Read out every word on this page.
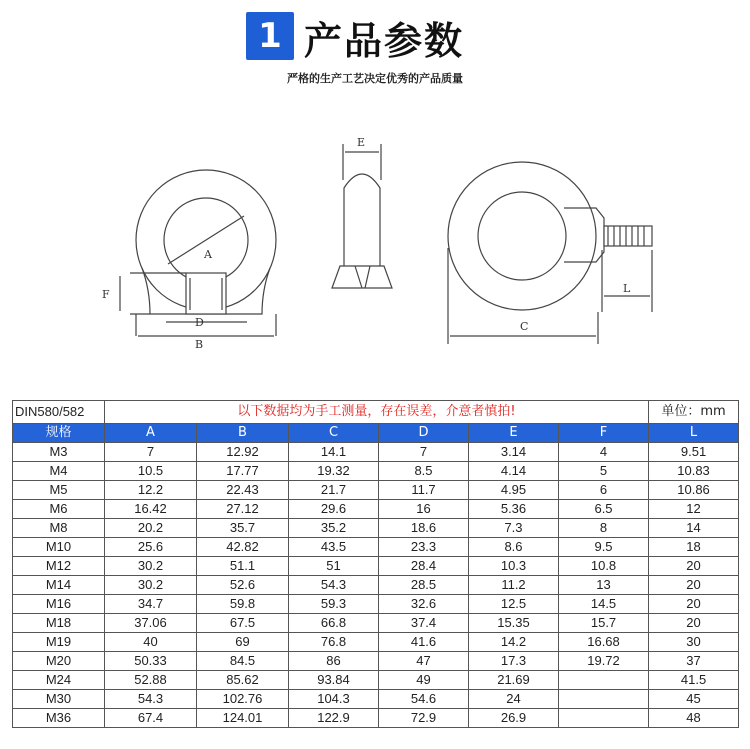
1 产品参数
严格的生产工艺决定优秀的产品质量
A
F
D
B
E
L
C
DIN580/582	以下数据均为手工测量，存在误差，介意者慎拍!						单位：mm
规格	A	B	C	D	E	F	L
M3	7	12.92	14.1	7	3.14	4	9.51
M4	10.5	17.77	19.32	8.5	4.14	5	10.83
M5	12.2	22.43	21.7	11.7	4.95	6	10.86
M6	16.42	27.12	29.6	16	5.36	6.5	12
M8	20.2	35.7	35.2	18.6	7.3	8	14
M10	25.6	42.82	43.5	23.3	8.6	9.5	18
M12	30.2	51.1	51	28.4	10.3	10.8	20
M14	30.2	52.6	54.3	28.5	11.2	13	20
M16	34.7	59.8	59.3	32.6	12.5	14.5	20
M18	37.06	67.5	66.8	37.4	15.35	15.7	20
M19	40	69	76.8	41.6	14.2	16.68	30
M20	50.33	84.5	86	47	17.3	19.72	37
M24	52.88	85.62	93.84	49	21.69		41.5
M30	54.3	102.76	104.3	54.6	24		45
M36	67.4	124.01	122.9	72.9	26.9		48
